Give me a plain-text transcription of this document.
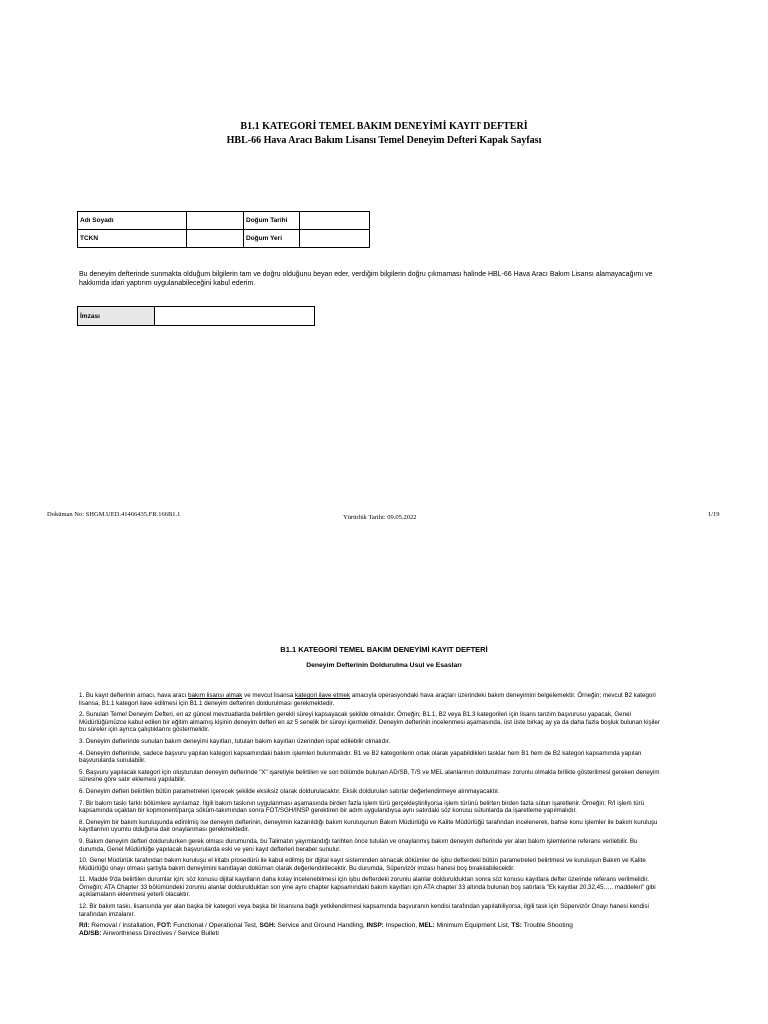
B1.1 KATEGORİ TEMEL BAKIM DENEYİMİ KAYIT DEFTERİ
HBL-66 Hava Aracı Bakım Lisansı Temel Deneyim Defteri Kapak Sayfası
Adı Soyadı		Doğum Tarihi	
TCKN		Doğum Yeri	
Bu deneyim defterinde sunmakta olduğum bilgilerin tam ve doğru olduğunu beyan eder, verdiğim bilgilerin doğru çıkmaması halinde HBL-66 Hava Aracı Bakım Lisansı alamayacağımı ve hakkımda idari yaptırım uygulanabileceğini kabul ederim.
İmzası	
Doküman No: SHGM.UED.41466435.FR.166B1.1	Yürürlük Tarihi: 09.05.2022	1/19
B1.1 KATEGORİ TEMEL BAKIM DENEYİMİ KAYIT DEFTERİ
Deneyim Defterinin Doldurulma Usul ve Esasları

1. Bu kayıt defterinin amacı, hava aracı bakım lisansı almak ve mevcut lisansa kategori ilave etmek amacıyla operasyondaki hava araçları üzerindeki bakım deneyimini belgelemektir. Örneğin; mevcut B2 kategori lisansa, B1.1 kategori ilave edilmesi için B1.1 deneyim defterinin doldurulması gerekmektedir.

2. Sunulan Temel Deneyim Defteri, en az güncel mevzuatlarda belirtilen gerekli süreyi kapsayacak şekilde olmalıdır. Örneğin; B1.1, B2 veya B1.3 kategorileri için lisans tanzim başvurusu yapacak, Genel Müdürlüğümüzce kabul edilen bir eğitim almamış kişinin deneyim defteri en az 5 senelik bir süreyi içermelidir. Deneyim defterinin incelenmesi aşamasında, üst üste birkaç ay ya da daha fazla boşluk bulunan kişiler bu süreler için ayrıca çalıştıklarını göstermelidir.

3. Deneyim defterinde sunulan bakım deneyimi kayıtları, tutulan bakım kayıtları üzerinden ispat edilebilir olmalıdır.

4. Deneyim defterinde, sadece başvuru yapılan kategori kapsamındaki bakım işlemleri bulunmalıdır. B1 ve B2 kategorilerin ortak olarak yapabildikleri tasklar hem B1 hem de B2 kategori kapsamında yapılan başvurularda sunulabilir.

5. Başvuru yapılacak kategori için oluşturulan deneyim defterinde "X" işaretiyle belirtilen ve son bölümde bulunan AD/SB, T/S ve MEL alanlarının doldurulması zorunlu olmakla birlikte gösterilmesi gereken deneyim süresine göre satır eklemesi yapılabilir.

6. Deneyim defteri belirtilen bütün parametreleri içerecek şekilde eksiksiz olarak doldurulacaktır. Eksik doldurulan satırlar değerlendirmeye alınmayacaktır.

7. Bir bakım taskı farklı bölümlere ayrılamaz. İlgili bakım taskının uygulanması aşamasında birden fazla işlem türü gerçekleştiriliyorsa işlem türünü belirten birden fazla sütun işaretlenir. Örneğin; R/I işlem türü kapsamında uçaktan bir kopmonent/parça söküm-takımından sonra FOT/SGH/INSP gerektiren bir adım uygulandıysa aynı satırdaki söz konusu sütunlarda da işaretleme yapılmalıdır.

8. Deneyim bir bakım kuruluşunda edinilmiş ise deneyim defterinin, deneyimin kazanıldığı bakım kuruluşunun Bakım Müdürlüğü ve Kalite Müdürlüğü tarafından incelenerek, bahse konu işlemler ile bakım kuruluşu kayıtlarının uyumlu olduğuna dair onaylanması gerekmektedir.

9. Bakım deneyim defteri doldurulurken gerek olması durumunda, bu Talimatın yayımlandığı tarihten önce tutulan ve onaylanmış bakım deneyim defterinde yer alan bakım işlemlerine referans verilebilir. Bu durumda, Genel Müdürlüğe yapılacak başvurularda eski ve yeni kayıt defterleri beraber sunulur.

10. Genel Müdürlük tarafından bakım kuruluşu el kitabı prosedürü ile kabul edilmiş bir dijital kayıt sisteminden alınacak dökümler de işbu defterdeki bütün parametreleri belirtmesi ve kuruluşun Bakım ve Kalite Müdürlüğü onayı olması şartıyla bakım deneyimini kanıtlayan doküman olarak değerlendirilecektir. Bu durumda, Süpervizör imzası hanesi boş bırakılabilecektir.

11. Madde 9'da belirtilen durumlar için; söz konusu dijital kayıtların daha kolay incelenebilmesi için işbu defterdeki zorunlu alanlar doldurulduktan sonra söz konusu kayıtlara defter üzerinde referans verilmelidir. Örneğin; ATA Chapter 33 bölümündeki zorunlu alanlar doldurulduktan son yine aynı chapter kapsamındaki bakım kayıtları için ATA chapter 33 altında bulunan boş satırlara "Ek kayıtlar 20,32,45….. maddeleri" gibi açıklamaların eklenmesi yeterli olacaktır.

12. Bir bakım taskı, lisansında yer alan başka bir kategori veya başka bir lisansına bağlı yetkilendirmesi kapsamında başvuranın kendisi tarafından yapılabiliyorsa, ilgili task için Süpervizör Onayı hanesi kendisi tarafından imzalanır.

R/I: Removal / Installation, FOT: Functional / Operational Test, SGH: Service and Ground Handling, INSP: Inspection, MEL: Minimum Equipment List, TS: Trouble Shooting
AD/SB: Airworthiness Directives / Service Bulleti
